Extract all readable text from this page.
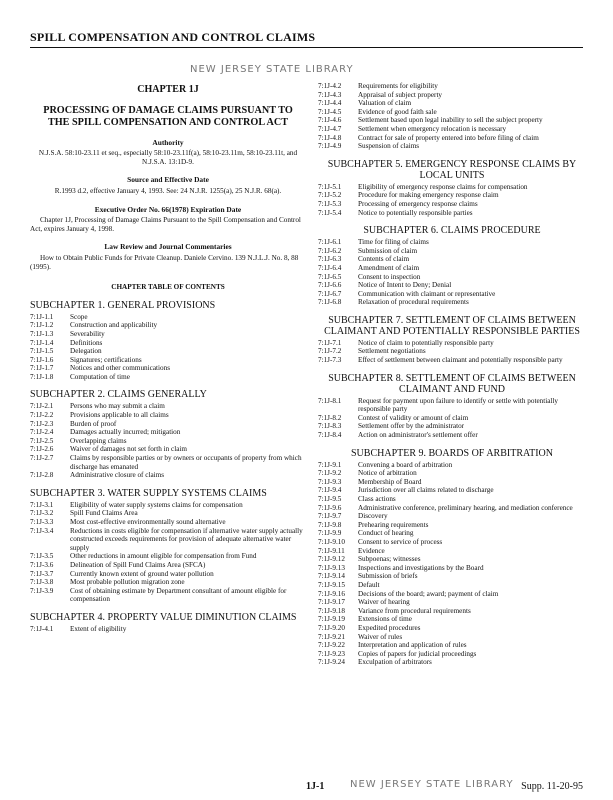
SPILL COMPENSATION AND CONTROL CLAIMS
NEW JERSEY STATE LIBRARY
CHAPTER 1J
PROCESSING OF DAMAGE CLAIMS PURSUANT TO THE SPILL COMPENSATION AND CONTROL ACT
Authority
N.J.S.A. 58:10-23.11 et seq., especially 58:10-23.11f(a), 58:10-23.11m, 58:10-23.11t, and N.J.S.A. 13:1D-9.
Source and Effective Date
R.1993 d.2, effective January 4, 1993. See: 24 N.J.R. 1255(a), 25 N.J.R. 68(a).
Executive Order No. 66(1978) Expiration Date
Chapter 1J, Processing of Damage Claims Pursuant to the Spill Compensation and Control Act, expires January 4, 1998.
Law Review and Journal Commentaries
How to Obtain Public Funds for Private Cleanup. Daniele Cervino. 139 N.J.L.J. No. 8, 88 (1995).
CHAPTER TABLE OF CONTENTS
SUBCHAPTER 1. GENERAL PROVISIONS
7:1J-1.1	Scope
7:1J-1.2	Construction and applicability
7:1J-1.3	Severability
7:1J-1.4	Definitions
7:1J-1.5	Delegation
7:1J-1.6	Signatures; certifications
7:1J-1.7	Notices and other communications
7:1J-1.8	Computation of time
SUBCHAPTER 2. CLAIMS GENERALLY
7:1J-2.1	Persons who may submit a claim
7:1J-2.2	Provisions applicable to all claims
7:1J-2.3	Burden of proof
7:1J-2.4	Damages actually incurred; mitigation
7:1J-2.5	Overlapping claims
7:1J-2.6	Waiver of damages not set forth in claim
7:1J-2.7	Claims by responsible parties or by owners or occupants of property from which discharge has emanated
7:1J-2.8	Administrative closure of claims
SUBCHAPTER 3. WATER SUPPLY SYSTEMS CLAIMS
7:1J-3.1	Eligibility of water supply systems claims for compensation
7:1J-3.2	Spill Fund Claims Area
7:1J-3.3	Most cost-effective environmentally sound alternative
7:1J-3.4	Reductions in costs eligible for compensation if alternative water supply actually constructed exceeds requirements for provision of adequate alternative water supply
7:1J-3.5	Other reductions in amount eligible for compensation from Fund
7:1J-3.6	Delineation of Spill Fund Claims Area (SFCA)
7:1J-3.7	Currently known extent of ground water pollution
7:1J-3.8	Most probable pollution migration zone
7:1J-3.9	Cost of obtaining estimate by Department consultant of amount eligible for compensation
SUBCHAPTER 4. PROPERTY VALUE DIMINUTION CLAIMS
7:1J-4.1	Extent of eligibility
7:1J-4.2	Requirements for eligibility
7:1J-4.3	Appraisal of subject property
7:1J-4.4	Valuation of claim
7:1J-4.5	Evidence of good faith sale
7:1J-4.6	Settlement based upon legal inability to sell the subject property
7:1J-4.7	Settlement when emergency relocation is necessary
7:1J-4.8	Contract for sale of property entered into before filing of claim
7:1J-4.9	Suspension of claims
SUBCHAPTER 5. EMERGENCY RESPONSE CLAIMS BY LOCAL UNITS
7:1J-5.1	Eligibility of emergency response claims for compensation
7:1J-5.2	Procedure for making emergency response claim
7:1J-5.3	Processing of emergency response claims
7:1J-5.4	Notice to potentially responsible parties
SUBCHAPTER 6. CLAIMS PROCEDURE
7:1J-6.1	Time for filing of claims
7:1J-6.2	Submission of claim
7:1J-6.3	Contents of claim
7:1J-6.4	Amendment of claim
7:1J-6.5	Consent to inspection
7:1J-6.6	Notice of Intent to Deny; Denial
7:1J-6.7	Communication with claimant or representative
7:1J-6.8	Relaxation of procedural requirements
SUBCHAPTER 7. SETTLEMENT OF CLAIMS BETWEEN CLAIMANT AND POTENTIALLY RESPONSIBLE PARTIES
7:1J-7.1	Notice of claim to potentially responsible party
7:1J-7.2	Settlement negotiations
7:1J-7.3	Effect of settlement between claimant and potentially responsible party
SUBCHAPTER 8. SETTLEMENT OF CLAIMS BETWEEN CLAIMANT AND FUND
7:1J-8.1	Request for payment upon failure to identify or settle with potentially responsible party
7:1J-8.2	Contest of validity or amount of claim
7:1J-8.3	Settlement offer by the administrator
7:1J-8.4	Action on administrator's settlement offer
SUBCHAPTER 9. BOARDS OF ARBITRATION
7:1J-9.1	Convening a board of arbitration
7:1J-9.2	Notice of arbitration
7:1J-9.3	Membership of Board
7:1J-9.4	Jurisdiction over all claims related to discharge
7:1J-9.5	Class actions
7:1J-9.6	Administrative conference, preliminary hearing, and mediation conference
7:1J-9.7	Discovery
7:1J-9.8	Prehearing requirements
7:1J-9.9	Conduct of hearing
7:1J-9.10	Consent to service of process
7:1J-9.11	Evidence
7:1J-9.12	Subpoenas; witnesses
7:1J-9.13	Inspections and investigations by the Board
7:1J-9.14	Submission of briefs
7:1J-9.15	Default
7:1J-9.16	Decisions of the board; award; payment of claim
7:1J-9.17	Waiver of hearing
7:1J-9.18	Variance from procedural requirements
7:1J-9.19	Extensions of time
7:1J-9.20	Expedited procedures
7:1J-9.21	Waiver of rules
7:1J-9.22	Interpretation and application of rules
7:1J-9.23	Copies of papers for judicial proceedings
7:1J-9.24	Exculpation of arbitrators
1J-1	NEW JERSEY STATE LIBRARY Supp. 11-20-95
